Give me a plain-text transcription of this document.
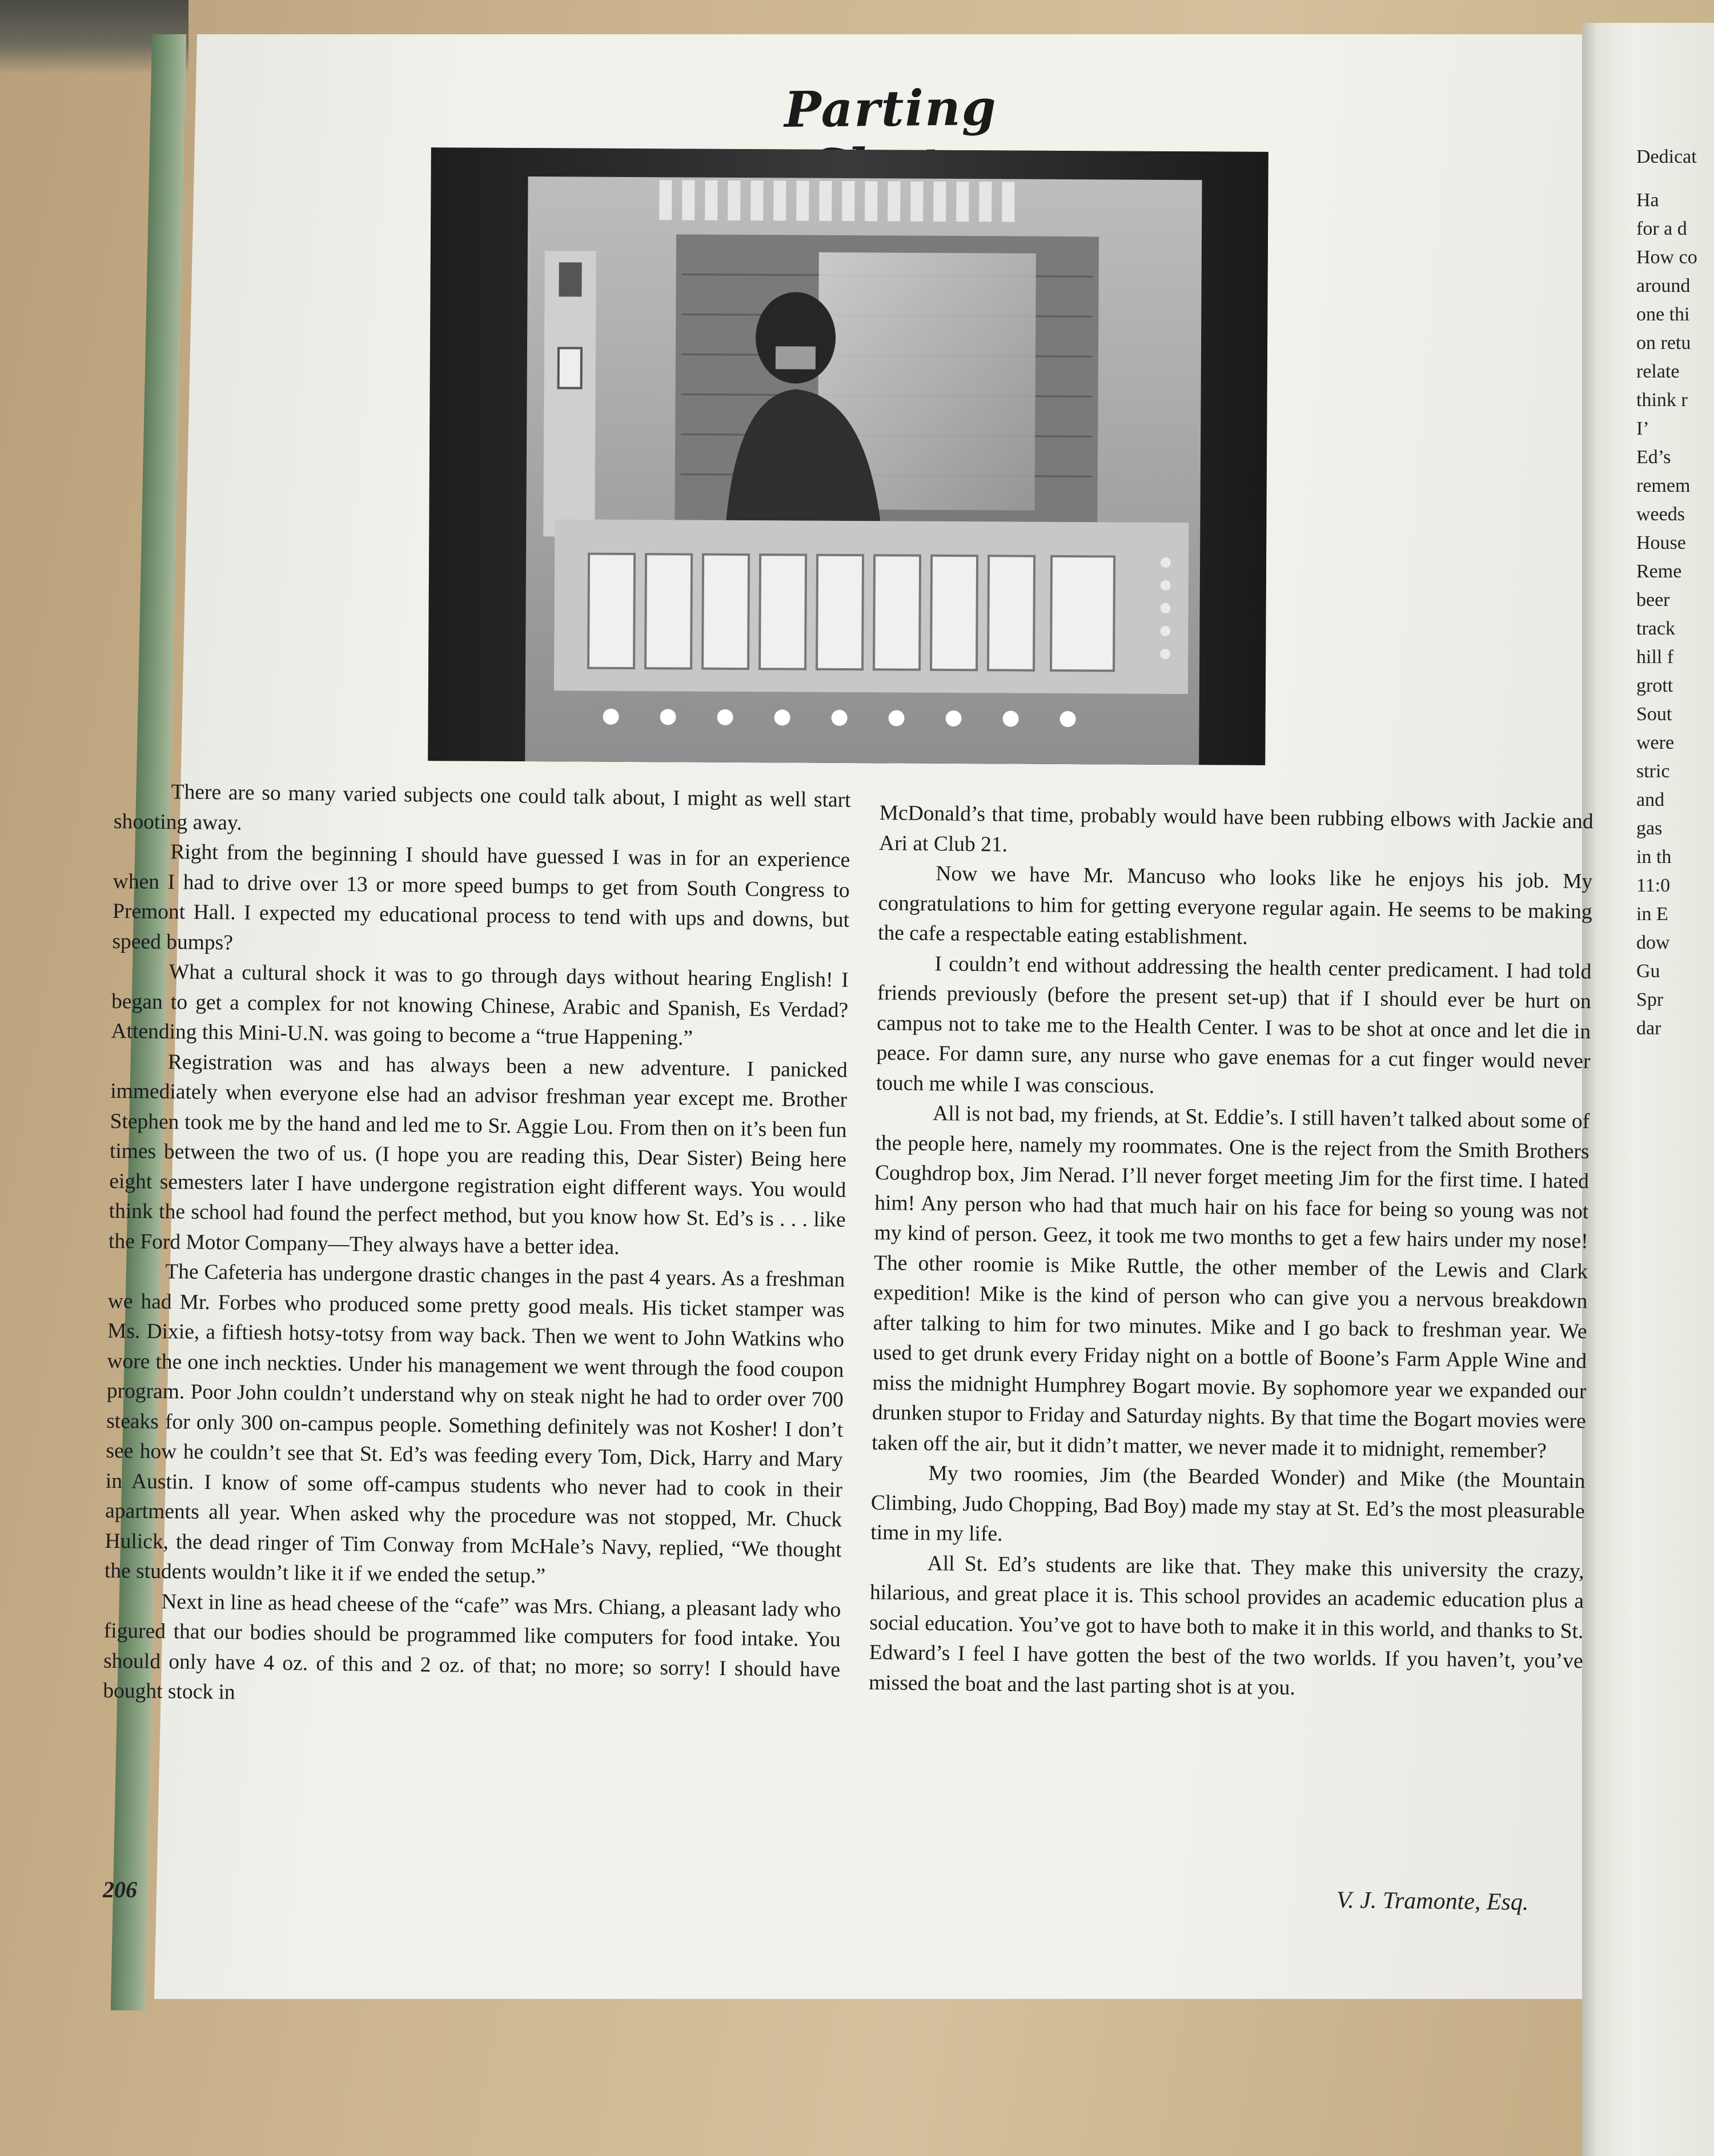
Dedicat
Ha
for a d
How co
around
one thi
on retu
relate
think r
I’
Ed’s
remem
weeds
House
Reme
beer
track
hill f
grott
Sout
were
stric
and
gas
in th
11:0
in E
dow
Gu
Spr
dar
Parting

There are so many varied subjects one could talk about, I might as well start shooting away.

Right from the beginning I should have guessed I was in for an experience when I had to drive over 13 or more speed bumps to get from South Congress to Premont Hall. I expected my educational process to tend with ups and downs, but speed bumps?

What a cultural shock it was to go through days without hearing English! I began to get a complex for not knowing Chinese, Arabic and Spanish, Es Verdad? Attending this Mini-U.N. was going to become a “true Happening.”

Registration was and has always been a new adventure. I panicked immediately when everyone else had an advisor freshman year except me. Brother Stephen took me by the hand and led me to Sr. Aggie Lou. From then on it’s been fun times between the two of us. (I hope you are reading this, Dear Sister) Being here eight semesters later I have undergone registration eight different ways. You would think the school had found the perfect method, but you know how St. Ed’s is . . . like the Ford Motor Company—They always have a better idea.

The Cafeteria has undergone drastic changes in the past 4 years. As a freshman we had Mr. Forbes who produced some pretty good meals. His ticket stamper was Ms. Dixie, a fiftiesh hotsy-totsy from way back. Then we went to John Watkins who wore the one inch neckties. Under his management we went through the food coupon program. Poor John couldn’t understand why on steak night he had to order over 700 steaks for only 300 on-campus people. Something definitely was not Kosher! I don’t see how he couldn’t see that St. Ed’s was feeding every Tom, Dick, Harry and Mary in Austin. I know of some off-campus students who never had to cook in their apartments all year. When asked why the procedure was not stopped, Mr. Chuck Hulick, the dead ringer of Tim Conway from McHale’s Navy, replied, “We thought the students wouldn’t like it if we ended the setup.”

Next in line as head cheese of the “cafe” was Mrs. Chiang, a pleasant lady who figured that our bodies should be programmed like computers for food intake. You should only have 4 oz. of this and 2 oz. of that; no more; so sorry! I should have bought stock in

McDonald’s that time, probably would have been rubbing elbows with Jackie and Ari at Club 21.

Now we have Mr. Mancuso who looks like he enjoys his job. My congratulations to him for getting everyone regular again. He seems to be making the cafe a respectable eating establishment.

I couldn’t end without addressing the health center predicament. I had told friends previously (before the present set-up) that if I should ever be hurt on campus not to take me to the Health Center. I was to be shot at once and let die in peace. For damn sure, any nurse who gave enemas for a cut finger would never touch me while I was conscious.

All is not bad, my friends, at St. Eddie’s. I still haven’t talked about some of the people here, namely my roommates. One is the reject from the Smith Brothers Coughdrop box, Jim Nerad. I’ll never forget meeting Jim for the first time. I hated him! Any person who had that much hair on his face for being so young was not my kind of person. Geez, it took me two months to get a few hairs under my nose! The other roomie is Mike Ruttle, the other member of the Lewis and Clark expedition! Mike is the kind of person who can give you a nervous breakdown after talking to him for two minutes. Mike and I go back to freshman year. We used to get drunk every Friday night on a bottle of Boone’s Farm Apple Wine and miss the midnight Humphrey Bogart movie. By sophomore year we expanded our drunken stupor to Friday and Saturday nights. By that time the Bogart movies were taken off the air, but it didn’t matter, we never made it to midnight, remember?

My two roomies, Jim (the Bearded Wonder) and Mike (the Mountain Climbing, Judo Chopping, Bad Boy) made my stay at St. Ed’s the most pleasurable time in my life.

All St. Ed’s students are like that. They make this university the crazy, hilarious, and great place it is. This school provides an academic education plus a social education. You’ve got to have both to make it in this world, and thanks to St. Edward’s I feel I have gotten the best of the two worlds. If you haven’t, you’ve missed the boat and the last parting shot is at you.

206	V. J. Tramonte, Esq.
